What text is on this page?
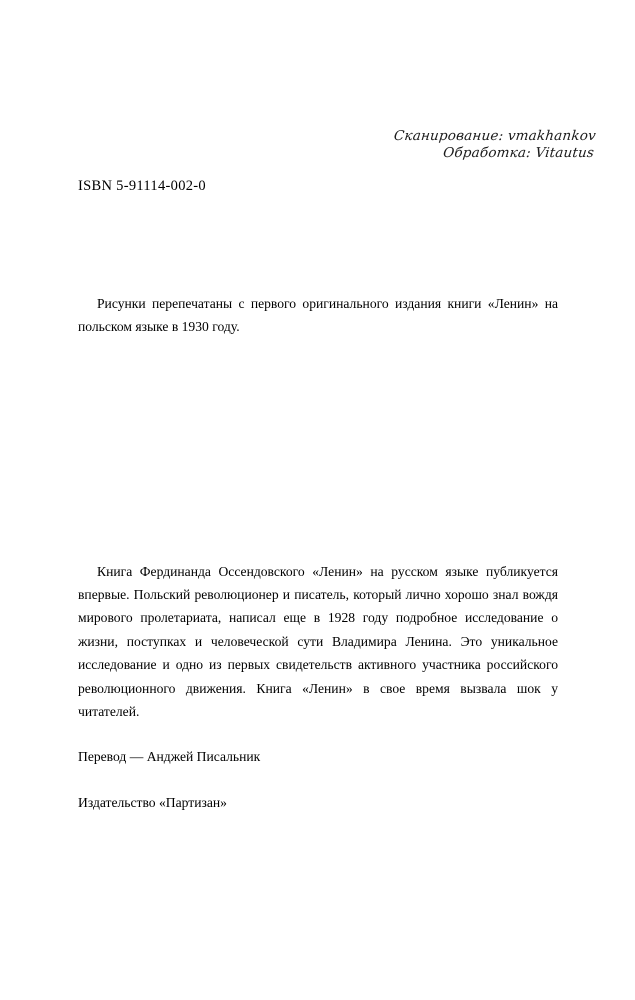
Сканирование: vmakhankov
Обработка: Vitautus
ISBN 5-91114-002-0

Рисунки перепечатаны с первого оригинального издания книги «Ленин» на польском языке в 1930 году.

Книга Фердинанда Оссендовского «Ленин» на русском языке публикуется впервые. Польский революционер и писатель, который лично хорошо знал вождя мирового пролетариата, написал еще в 1928 году подробное исследование о жизни, поступках и человеческой сути Владимира Ленина. Это уникальное исследование и одно из первых свидетельств активного участника российского революционного движения. Книга «Ленин» в свое время вызвала шок у читателей.

Перевод — Анджей Писальник
Издательство «Партизан»
